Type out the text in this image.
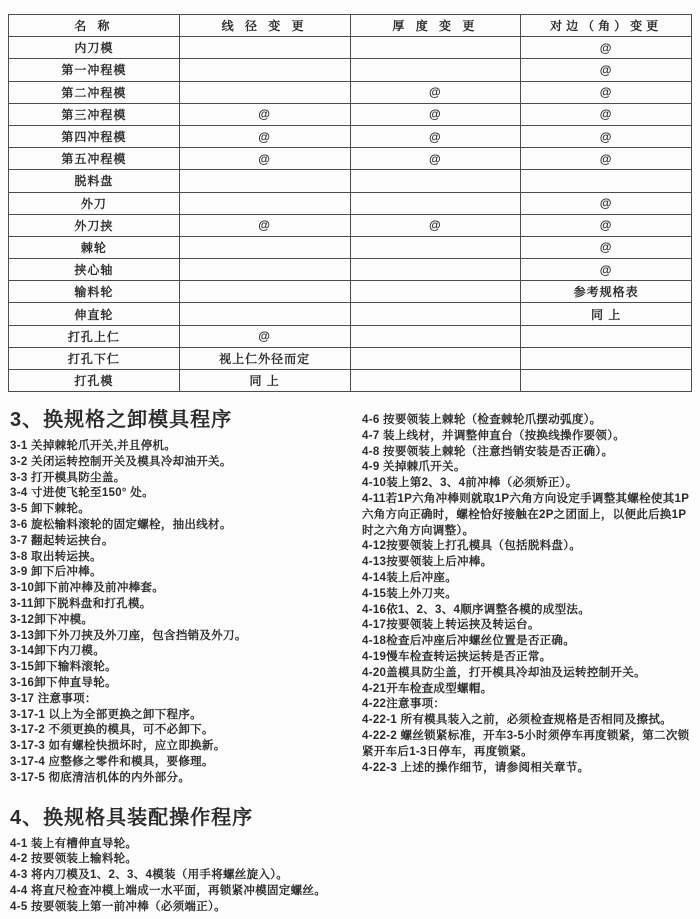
名 称	线 径 变 更	厚 度 变 更	对边（角）变更
内刀模			@
第一冲程模			@
第二冲程模		@	@
第三冲程模	@	@	@
第四冲程模	@	@	@
第五冲程模	@	@	@
脱料盘			
外刀			@
外刀挟	@	@	@
棘轮			@
挟心轴			@
输料轮			参考规格表
伸直轮			同 上
打孔上仁	@		
打孔下仁	视上仁外径而定		
打孔模	同 上		
3、换规格之卸模具程序
3-1 关掉棘轮爪开关,并且停机。
3-2 关闭运转控制开关及模具冷却油开关。
3-3 打开模具防尘盖。
3-4 寸进使飞轮至150° 处。
3-5 卸下棘轮。
3-6 旋松输料滚轮的固定螺栓，抽出线材。
3-7 翻起转运挟台。
3-8 取出转运挟。
3-9 卸下后冲棒。
3-10卸下前冲棒及前冲棒套。
3-11卸下脱料盘和打孔模。
3-12卸下冲模。
3-13卸下外刀挟及外刀座，包含挡销及外刀。
3-14卸下内刀模。
3-15卸下输料滚轮。
3-16卸下伸直导轮。
3-17 注意事项：
3-17-1 以上为全部更换之卸下程序。
3-17-2 不须更换的模具，可不必卸下。
3-17-3 如有螺栓快损坏时，应立即换新。
3-17-4 应整修之零件和模具，要修理。
3-17-5 彻底清洁机体的内外部分。
4、换规格具装配操作程序
4-1 装上有槽伸直导轮。
4-2 按要领装上输料轮。
4-3 将内刀模及1、2、3、4模装（用手将螺丝旋入）。
4-4 将直尺检查冲模上端成一水平面，再锁紧冲模固定螺丝。
4-5 按要领装上第一前冲棒（必须端正）。
4-6 按要领装上棘轮（检查棘轮爪摆动弧度）。
4-7 装上线材，并调整伸直台（按换线操作要领）。
4-8 按要领装上棘轮（注意挡销安装是否正确）。
4-9 关掉棘爪开关。
4-10装上第2、3、4前冲棒（必须矫正）。
4-11若1P六角冲棒则就取1P六角方向设定手调整其螺栓使其1P六角方向正确时，螺栓恰好接触在2P之团面上，以便此后换1P时之六角方向调整）。
4-12按要领装上打孔模具（包括脱料盘）。
4-13按要领装上后冲棒。
4-14装上后冲座。
4-15装上外刀夹。
4-16依1、2、3、4顺序调整各模的成型法。
4-17按要领装上转运挟及转运台。
4-18检查后冲座后冲螺丝位置是否正确。
4-19慢车检查转运挟运转是否正常。
4-20盖模具防尘盖，打开模具冷却油及运转控制开关。
4-21开车检查成型螺帽。
4-22注意事项：
4-22-1 所有模具装入之前，必须检查规格是否相同及擦拭。
4-22-2 螺丝锁紧标准，开车3-5小时须停车再度锁紧，第二次锁紧开车后1-3日停车，再度锁紧。
4-22-3 上述的操作细节，请参阅相关章节。
